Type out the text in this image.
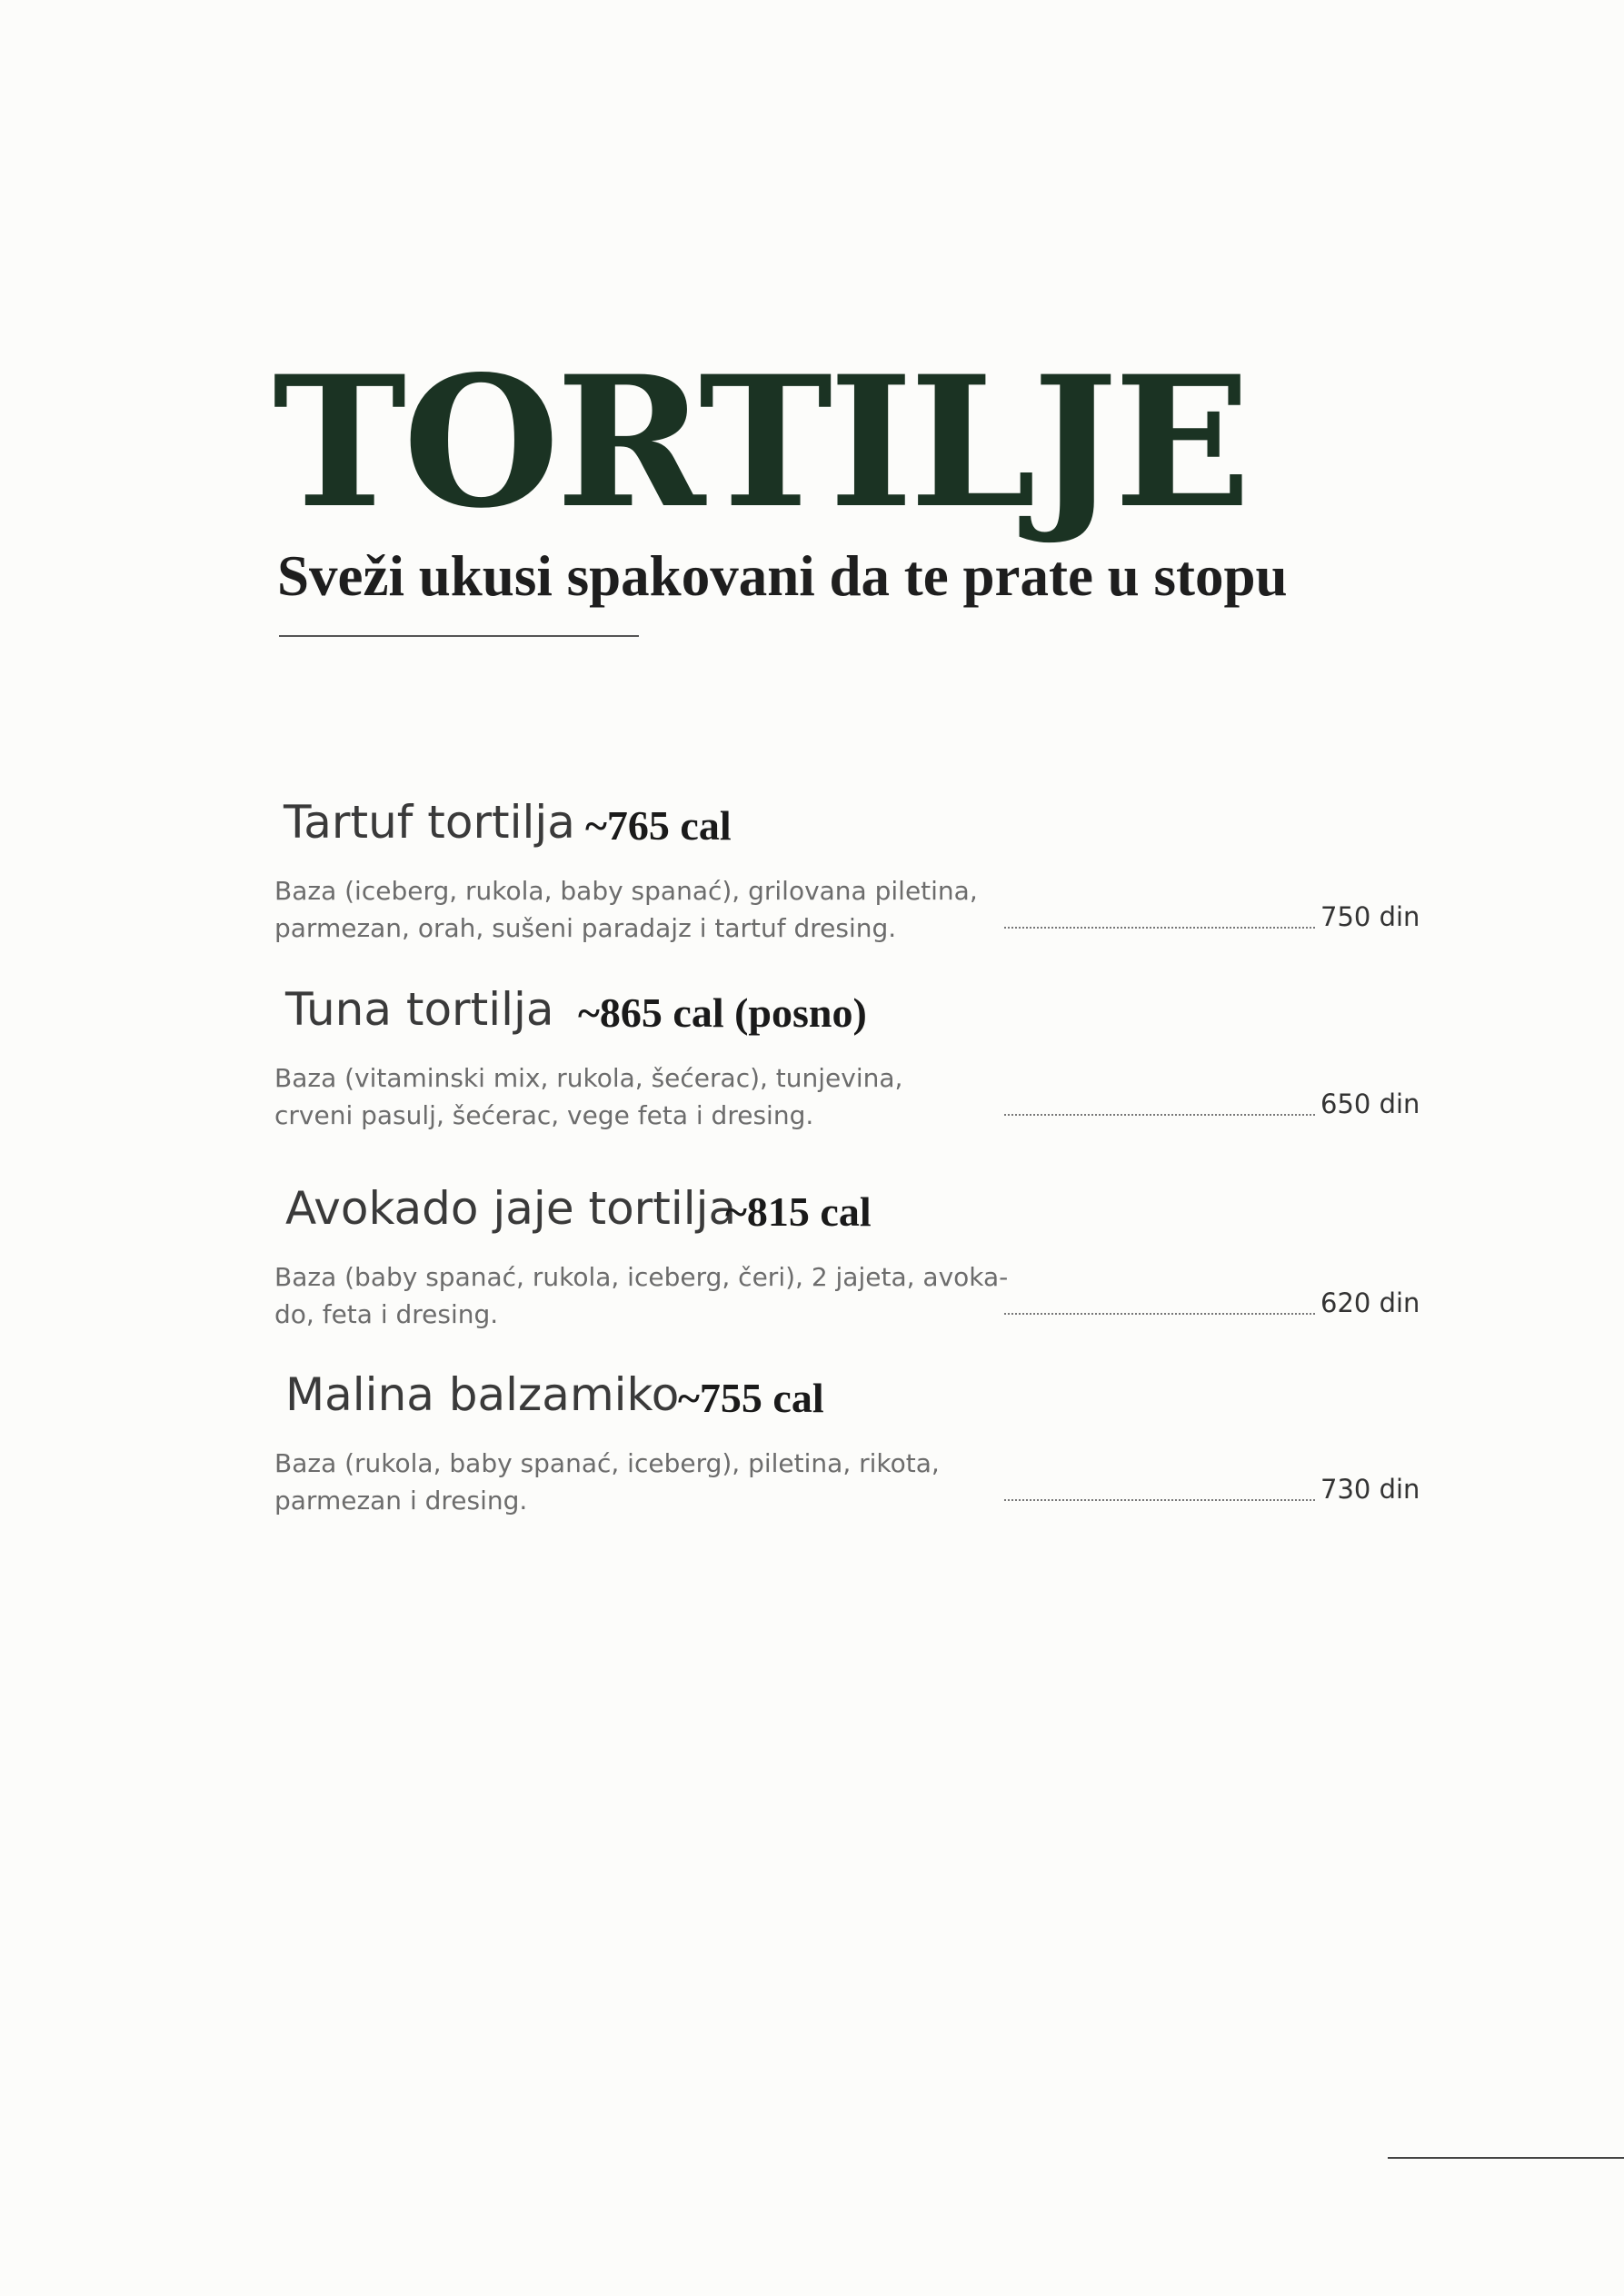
TORTILJE
Sveži ukusi spakovani da te prate u stopu
Tartuf tortilja ~765 cal
Baza (iceberg, rukola, baby spanać), grilovana piletina,
parmezan, orah, sušeni paradajz i tartuf dresing.	750 din
Tuna tortilja ~865 cal (posno)
Baza (vitaminski mix, rukola, šećerac), tunjevina,
crveni pasulj, šećerac, vege feta i dresing.	650 din
Avokado jaje tortilja
~815 cal
Baza (baby spanać, rukola, iceberg, čeri), 2 jajeta, avoka-
do, feta i dresing.	620 din
Malina balzamiko
~755 cal
Baza (rukola, baby spanać, iceberg), piletina, rikota,
parmezan i dresing.	730 din
